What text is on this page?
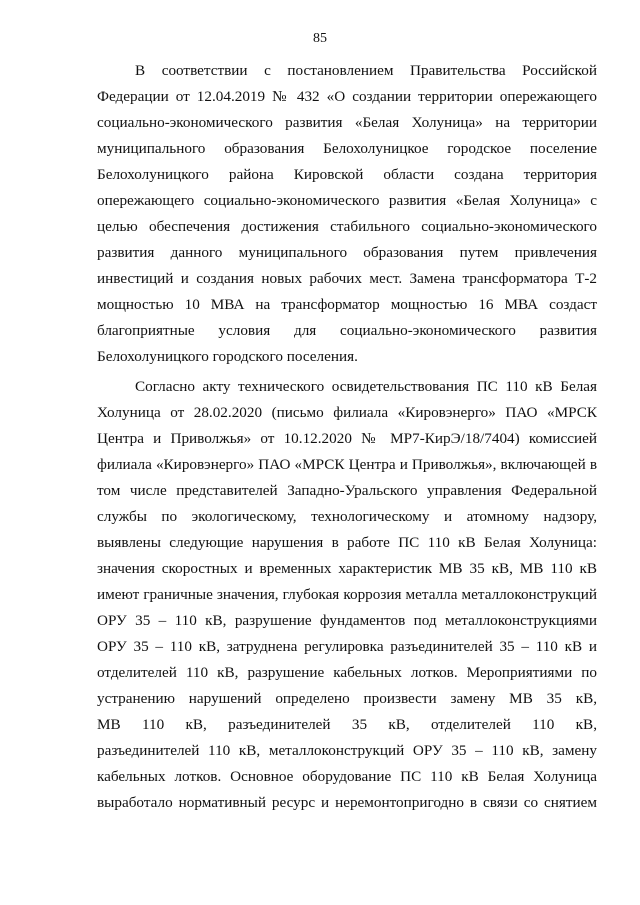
85
В соответствии с постановлением Правительства Российской
Федерации от 12.04.2019 № 432 «О создании территории опережающего
социально-экономического развития «Белая Холуница» на территории
муниципального образования Белохолуницкое городское поселение
Белохолуницкого района Кировской области создана территория
опережающего социально-экономического развития «Белая Холуница» с
целью обеспечения достижения стабильного социально-экономического
развития данного муниципального образования путем привлечения
инвестиций и создания новых рабочих мест. Замена трансформатора Т-2
мощностью 10 МВА на трансформатор мощностью 16 МВА создаст
благоприятные условия для социально-экономического развития
Белохолуницкого городского поселения.
Согласно акту технического освидетельствования ПС 110 кВ Белая
Холуница от 28.02.2020 (письмо филиала «Кировэнерго» ПАО «МРСК
Центра и Приволжья» от 10.12.2020 № МР7-КирЭ/18/7404) комиссией
филиала «Кировэнерго» ПАО «МРСК Центра и Приволжья», включающей в
том числе представителей Западно-Уральского управления Федеральной
службы по экологическому, технологическому и атомному надзору,
выявлены следующие нарушения в работе ПС 110 кВ Белая Холуница:
значения скоростных и временных характеристик МВ 35 кВ, МВ 110 кВ
имеют граничные значения, глубокая коррозия металла металлоконструкций
ОРУ 35 – 110 кВ, разрушение фундаментов под металлоконструкциями
ОРУ 35 – 110 кВ, затруднена регулировка разъединителей 35 – 110 кВ и
отделителей 110 кВ, разрушение кабельных лотков. Мероприятиями по
устранению нарушений определено произвести замену МВ 35 кВ,
МВ 110 кВ, разъединителей 35 кВ, отделителей 110 кВ,
разъединителей 110 кВ, металлоконструкций ОРУ 35 – 110 кВ, замену
кабельных лотков. Основное оборудование ПС 110 кВ Белая Холуница
выработало нормативный ресурс и неремонтопригодно в связи со снятием
